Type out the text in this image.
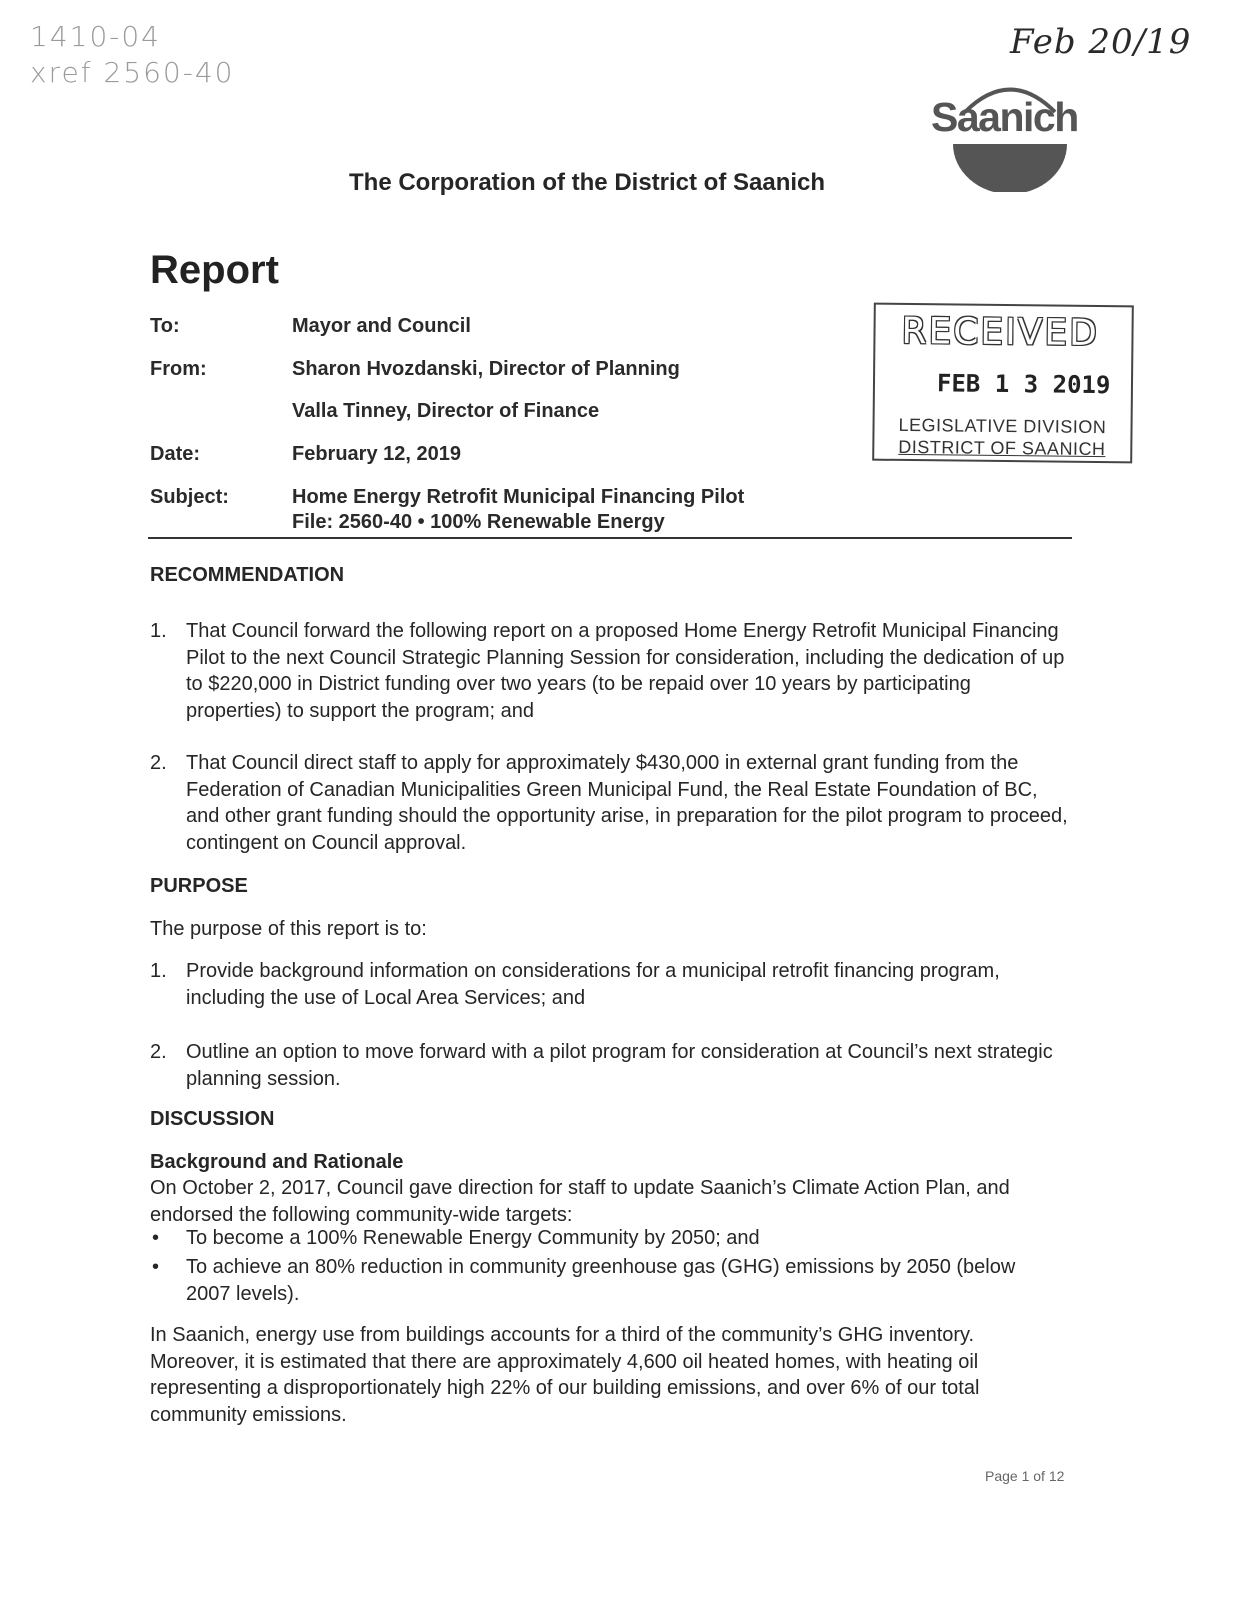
1410-04
xref 2560-40
Feb 20/19
Saanich
The Corporation of the District of Saanich
Report
To:	Mayor and Council
From:	Sharon Hvozdanski, Director of Planning
Valla Tinney, Director of Finance
Date:	February 12, 2019
Subject:	Home Energy Retrofit Municipal Financing Pilot
File: 2560-40 • 100% Renewable Energy
RECEIVED
FEB 1 3 2019
LEGISLATIVE DIVISION
DISTRICT OF SAANICH
RECOMMENDATION
1. That Council forward the following report on a proposed Home Energy Retrofit Municipal Financing Pilot to the next Council Strategic Planning Session for consideration, including the dedication of up to $220,000 in District funding over two years (to be repaid over 10 years by participating properties) to support the program; and
2. That Council direct staff to apply for approximately $430,000 in external grant funding from the Federation of Canadian Municipalities Green Municipal Fund, the Real Estate Foundation of BC, and other grant funding should the opportunity arise, in preparation for the pilot program to proceed, contingent on Council approval.
PURPOSE
The purpose of this report is to:
1. Provide background information on considerations for a municipal retrofit financing program, including the use of Local Area Services; and
2. Outline an option to move forward with a pilot program for consideration at Council’s next strategic planning session.
DISCUSSION
Background and Rationale
On October 2, 2017, Council gave direction for staff to update Saanich’s Climate Action Plan, and endorsed the following community-wide targets:
• To become a 100% Renewable Energy Community by 2050; and
• To achieve an 80% reduction in community greenhouse gas (GHG) emissions by 2050 (below 2007 levels).
In Saanich, energy use from buildings accounts for a third of the community’s GHG inventory. Moreover, it is estimated that there are approximately 4,600 oil heated homes, with heating oil representing a disproportionately high 22% of our building emissions, and over 6% of our total community emissions.
Page 1 of 12
